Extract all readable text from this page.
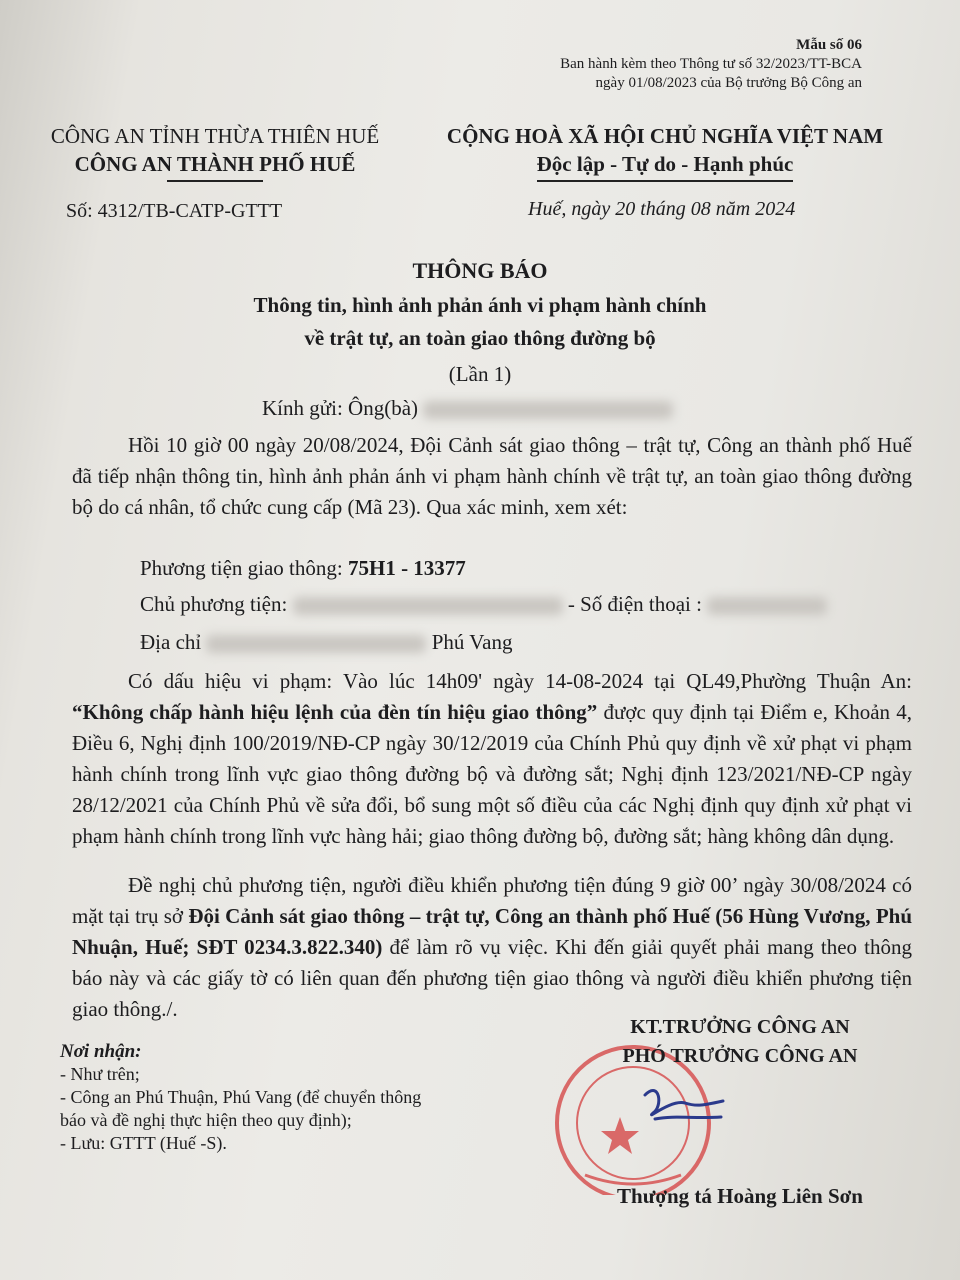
Mẫu số 06
Ban hành kèm theo Thông tư số 32/2023/TT-BCA
ngày 01/08/2023 của Bộ trưởng Bộ Công an
CÔNG AN TỈNH THỪA THIÊN HUẾ
CÔNG AN THÀNH PHỐ HUẾ
CỘNG HOÀ XÃ HỘI CHỦ NGHĨA VIỆT NAM
Độc lập - Tự do - Hạnh phúc
Số: 4312/TB-CATP-GTTT	Huế, ngày 20 tháng 08 năm 2024
THÔNG BÁO
Thông tin, hình ảnh phản ánh vi phạm hành chính
về trật tự, an toàn giao thông đường bộ
(Lần 1)
Kính gửi: Ông(bà)
Hồi 10 giờ 00 ngày 20/08/2024, Đội Cảnh sát giao thông – trật tự, Công an thành phố Huế đã tiếp nhận thông tin, hình ảnh phản ánh vi phạm hành chính về trật tự, an toàn giao thông đường bộ do cá nhân, tổ chức cung cấp (Mã 23). Qua xác minh, xem xét:
Phương tiện giao thông: 75H1 - 13377
Chủ phương tiện:	- Số điện thoại :
Địa chỉ	Phú Vang
Có dấu hiệu vi phạm: Vào lúc 14h09' ngày 14-08-2024 tại QL49,Phường Thuận An: “Không chấp hành hiệu lệnh của đèn tín hiệu giao thông” được quy định tại Điểm e, Khoản 4, Điều 6, Nghị định 100/2019/NĐ-CP ngày 30/12/2019 của Chính Phủ quy định về xử phạt vi phạm hành chính trong lĩnh vực giao thông đường bộ và đường sắt; Nghị định 123/2021/NĐ-CP ngày 28/12/2021 của Chính Phủ về sửa đổi, bổ sung một số điều của các Nghị định quy định xử phạt vi phạm hành chính trong lĩnh vực hàng hải; giao thông đường bộ, đường sắt; hàng không dân dụng.
Đề nghị chủ phương tiện, người điều khiển phương tiện đúng 9 giờ 00’ ngày 30/08/2024 có mặt tại trụ sở Đội Cảnh sát giao thông – trật tự, Công an thành phố Huế (56 Hùng Vương, Phú Nhuận, Huế; SĐT 0234.3.822.340) để làm rõ vụ việc. Khi đến giải quyết phải mang theo thông báo này và các giấy tờ có liên quan đến phương tiện giao thông và người điều khiển phương tiện giao thông./.
Nơi nhận:
- Như trên;
- Công an Phú Thuận, Phú Vang (để chuyển thông
báo và đề nghị thực hiện theo quy định);
- Lưu: GTTT (Huế -S).
KT.TRƯỞNG CÔNG AN
PHÓ TRƯỞNG CÔNG AN
Thượng tá Hoàng Liên Sơn
